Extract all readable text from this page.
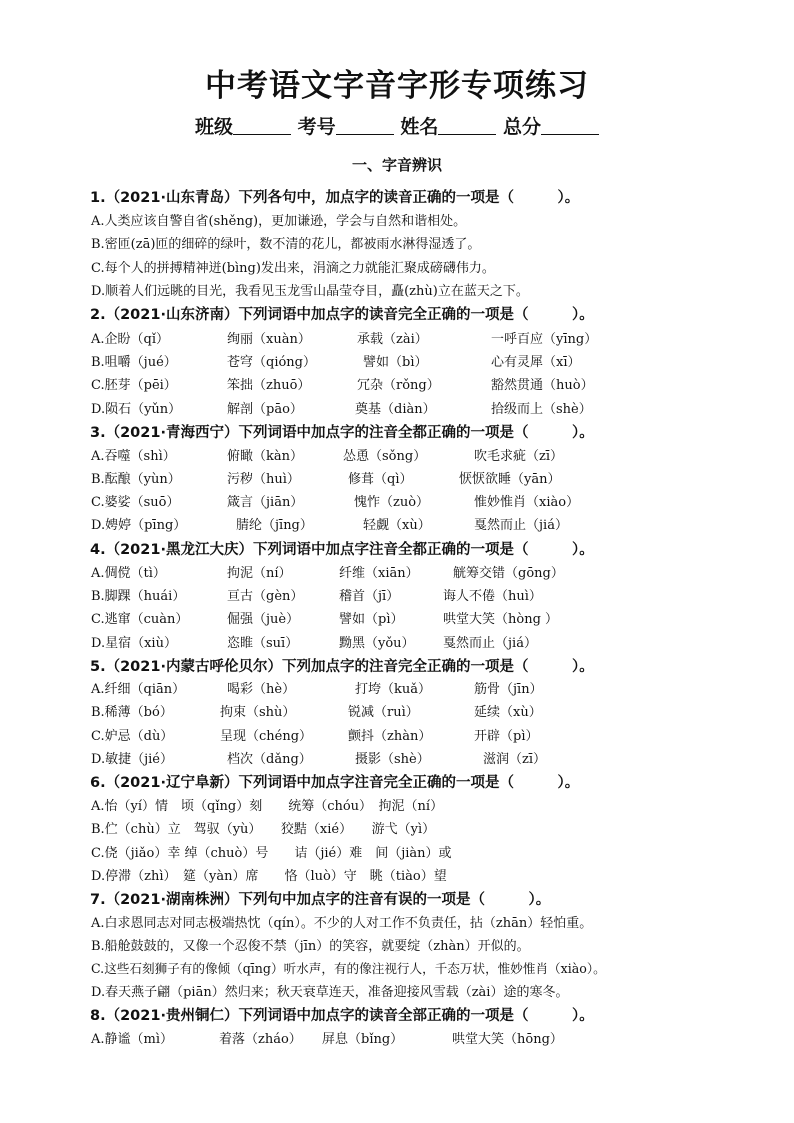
中考语文字音字形专项练习
班级	考号	姓名	总分
一、字音辨识
1.（2021·山东青岛）下列各句中，加点字的读音正确的一项是（　　　）。
A.人类应该自警自省(shěng)，更加谦逊，学会与自然和谐相处。
B.密匝(zā)匝的细碎的绿叶，数不清的花儿，都被雨水淋得湿透了。
C.每个人的拼搏精神迸(bìng)发出来，涓滴之力就能汇聚成磅礴伟力。
D.顺着人们远眺的目光，我看见玉龙雪山晶莹夺目，矗(zhù)立在蓝天之下。
2.（2021·山东济南）下列词语中加点字的读音完全正确的一项是（　　　）。
A.企盼（qǐ）	绚丽（xuàn）	承载（zài）	一呼百应（yīng）
B.咀嚼（jué）	苍穹（qióng）	譬如（bì）	心有灵犀（xī）
C.胚芽（pēi）	笨拙（zhuō）	冗杂（rǒng）	豁然贯通（huò）
D.陨石（yǔn）	解剖（pāo）	奠基（diàn）	拾级而上（shè）
3.（2021·青海西宁）下列词语中加点字的注音全都正确的一项是（　　　）。
A.吞噬（shì）	俯瞰（kàn）	怂恿（sǒng）	吹毛求疵（zī）
B.酝酿（yùn）	污秽（huì）	修葺（qì）	恹恹欲睡（yān）
C.婆娑（suō）	箴言（jiān）	愧怍（zuò）	惟妙惟肖（xiào）
D.娉婷（pīng）	腈纶（jīng）	轻觑（xù）	戛然而止（jiá）
4.（2021·黑龙江大庆）下列词语中加点字注音全都正确的一项是（　　　）。
A.倜傥（tì）	拘泥（ní）	纤维（xiān）	觥筹交错（gōng）
B.脚踝（huái）	亘古（gèn）	稽首（jī）	诲人不倦（huì）
C.逃窜（cuàn）	倔强（juè）	譬如（pì）	哄堂大笑（hòng ）
D.星宿（xiù）	恣睢（suī）	黝黑（yǒu） 戛然而止（jiá）
5.（2021·内蒙古呼伦贝尔）下列加点字的注音完全正确的一项是（　　　）。
A.纤细（qiān）	喝彩（hè）	打垮（kuǎ）	筋骨（jīn）
B.稀薄（bó）	拘束（shù）	锐减（ruì）	延续（xù）
C.妒忌（dù）	呈现（chéng）	颤抖（zhàn）	开辟（pì）
D.敏捷（jié）	档次（dǎng）	摄影（shè）	滋润（zī）
6.（2021·辽宁阜新）下列词语中加点字注音完全正确的一项是（　　　）。
A.怡（yí）情　顷（qǐng）刻　　统筹（chóu）　拘泥（ní）
B.伫（chù）立　驾驭（yù）　　狡黠（xié）　　游弋（yì）
C.侥（jiǎo）幸 绰（chuò）号　　诘（jié）难　间（jiàn）或
D.停滞（zhì）　筵（yàn）席　　恪（luò）守　眺（tiào）望
7.（2021·湖南株洲）下列句中加点字的注音有误的一项是（　　　）。
A.白求恩同志对同志极端热忱（qín）。不少的人对工作不负责任，拈（zhān）轻怕重。
B.船舱鼓鼓的，又像一个忍俊不禁（jīn）的笑容，就要绽（zhàn）开似的。
C.这些石刻狮子有的像倾（qīng）听水声，有的像注视行人，千态万状，惟妙惟肖（xiào）。
D.春天燕子翩（piān）然归来；秋天衰草连天，准备迎接风雪载（zài）途的寒冬。
8.（2021·贵州铜仁）下列词语中加点字的读音全部正确的一项是（　　　）。
A.静谧（mì）	着落（zháo） 屏息（bǐng）	哄堂大笑（hōng）
